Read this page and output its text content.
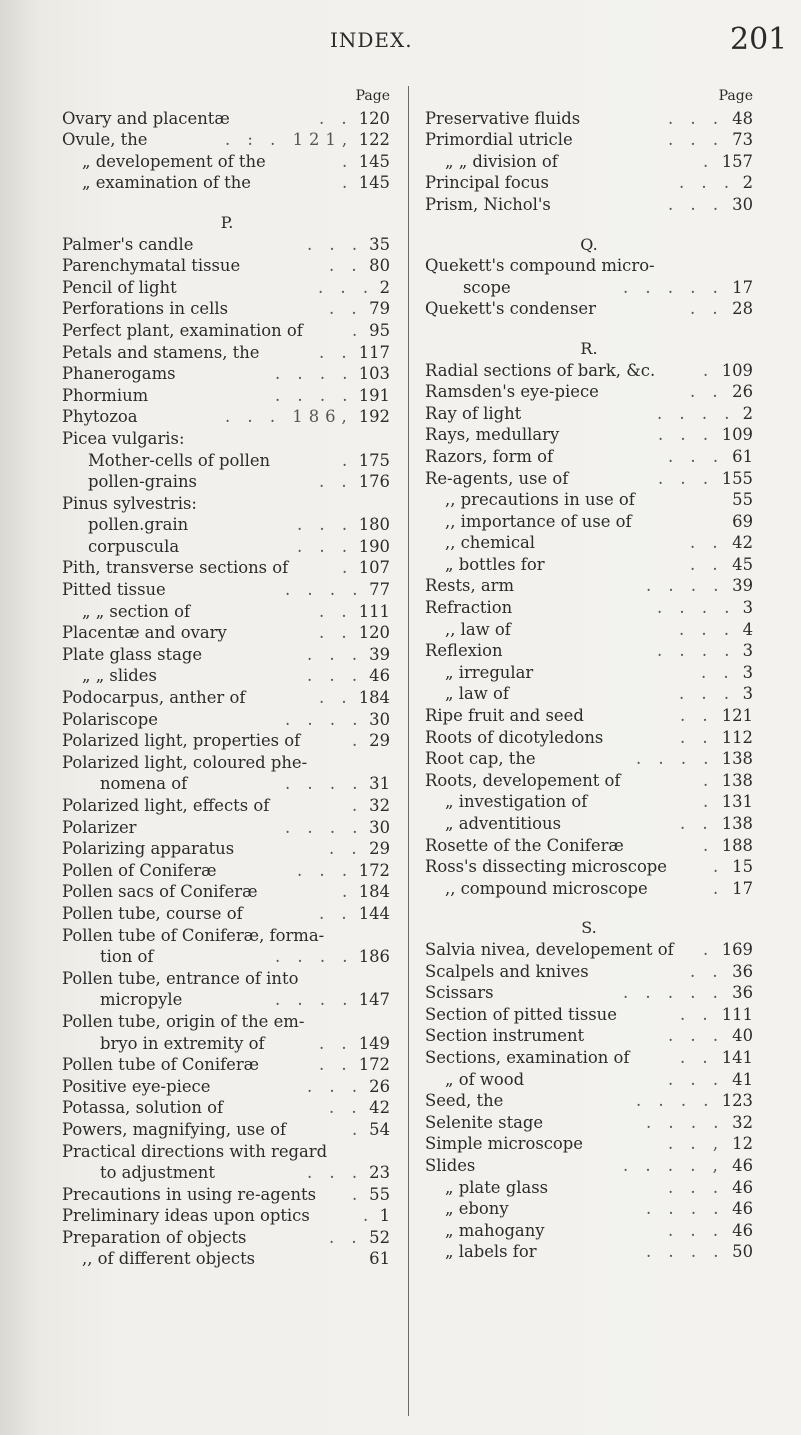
INDEX.	201
Page
Ovary and placentæ	. . 120
Ovule, the	. : . 121, 122
„ developement of the	. 145
„ examination of the	. 145
P.
Palmer's candle	. . . 35
Parenchymatal tissue	. . 80
Pencil of light	. . . 2
Perforations in cells	. . 79
Perfect plant, examination of	. 95
Petals and stamens, the	. . 117
Phanerogams	. . . . 103
Phormium	. . . . 191
Phytozoa	. . . 186, 192
Picea vulgaris:
Mother-cells of pollen	. 175
pollen-grains	. . 176
Pinus sylvestris:
pollen.grain	. . . 180
corpuscula	. . . 190
Pith, transverse sections of	. 107
Pitted tissue	. . . . 77
„ „ section of	. . 111
Placentæ and ovary	. . 120
Plate glass stage	. . . 39
„ „ slides	. . . 46
Podocarpus, anther of	. . 184
Polariscope	. . . . 30
Polarized light, properties of	. 29
Polarized light, coloured phe-
nomena of	. . . . 31
Polarized light, effects of	. 32
Polarizer	. . . . 30
Polarizing apparatus	. . 29
Pollen of Coniferæ	. . . 172
Pollen sacs of Coniferæ	. 184
Pollen tube, course of	. . 144
Pollen tube of Coniferæ, forma-
tion of	. . . . 186
Pollen tube, entrance of into
micropyle	. . . . 147
Pollen tube, origin of the em-
bryo in extremity of	. . 149
Pollen tube of Coniferæ	. . 172
Positive eye-piece	. . . 26
Potassa, solution of	. . 42
Powers, magnifying, use of	. 54
Practical directions with regard
to adjustment	. . . 23
Precautions in using re-agents . 55
Preliminary ideas upon optics	. 1
Preparation of objects	. . 52
,, of different objects	61
Page
Preservative fluids	. . . 48
Primordial utricle	. . . 73
„ „ division of	. 157
Principal focus	. . . 2
Prism, Nichol's	. . . 30
Q.
Quekett's compound micro-
scope	. . . . . 17
Quekett's condenser	. . 28
R.
Radial sections of bark, &c.	. 109
Ramsden's eye-piece	. . 26
Ray of light	. . . . 2
Rays, medullary	. . . 109
Razors, form of	. . . 61
Re-agents, use of	. . . 155
,, precautions in use of	55
,, importance of use of	69
,, chemical	. . 42
„ bottles for	. . 45
Rests, arm	. . . . 39
Refraction	. . . . 3
,, law of	. . . 4
Reflexion	. . . . 3
„ irregular	. . 3
„ law of	. . . 3
Ripe fruit and seed	. . 121
Roots of dicotyledons	. . 112
Root cap, the	. . . . 138
Roots, developement of	. 138
„ investigation of	. 131
„ adventitious	. . 138
Rosette of the Coniferæ	. 188
Ross's dissecting microscope	. 15
,, compound microscope	. 17
S.
Salvia nivea, developement of . 169
Scalpels and knives	. . 36
Scissars	. . . . . 36
Section of pitted tissue	. . 111
Section instrument	. . . 40
Sections, examination of	. . 141
„ of wood	. . . 41
Seed, the	. . . . 123
Selenite stage	. . . . 32
Simple microscope	. . , 12
Slides	. . . . , 46
„ plate glass	. . . 46
„ ebony	. . . . 46
„ mahogany	. . . 46
„ labels for	. . . . 50
